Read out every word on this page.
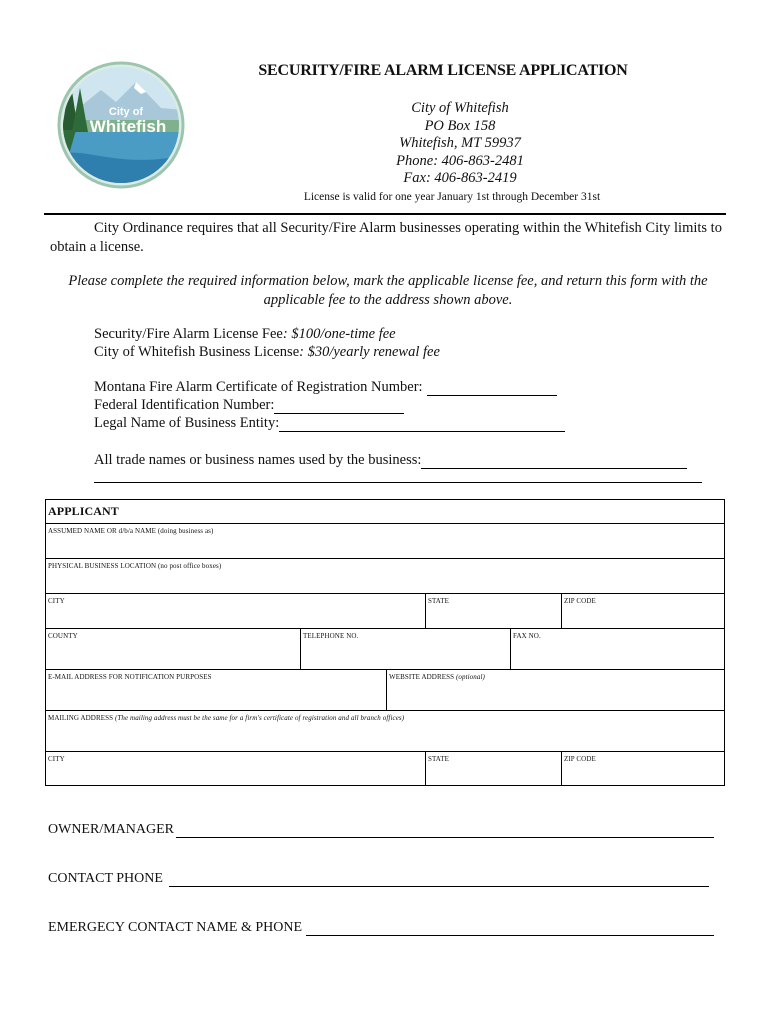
City of
Whitefish
SECURITY/FIRE ALARM LICENSE APPLICATION
City of Whitefish
PO Box 158
Whitefish, MT 59937
Phone: 406-863-2481
Fax: 406-863-2419
License is valid for one year January 1st through December 31st
City Ordinance requires that all Security/Fire Alarm businesses operating within the Whitefish City limits to obtain a license.
Please complete the required information below, mark the applicable license fee, and return this form with the applicable fee to the address shown above.
Security/Fire Alarm License Fee: $100/one-time fee
City of Whitefish Business License: $30/yearly renewal fee
Montana Fire Alarm Certificate of Registration Number:
Federal Identification Number:
Legal Name of Business Entity:
All trade names or business names used by the business:
APPLICANT
ASSUMED NAME OR d/b/a NAME (doing business as)
PHYSICAL BUSINESS LOCATION (no post office boxes)
CITY	STATE	ZIP CODE
COUNTY	TELEPHONE NO.	FAX NO.
E-MAIL ADDRESS FOR NOTIFICATION PURPOSES	WEBSITE ADDRESS (optional)
MAILING ADDRESS (The mailing address must be the same for a firm's certificate of registration and all branch offices)
CITY	STATE	ZIP CODE
OWNER/MANAGER
CONTACT PHONE
EMERGECY CONTACT NAME & PHONE
